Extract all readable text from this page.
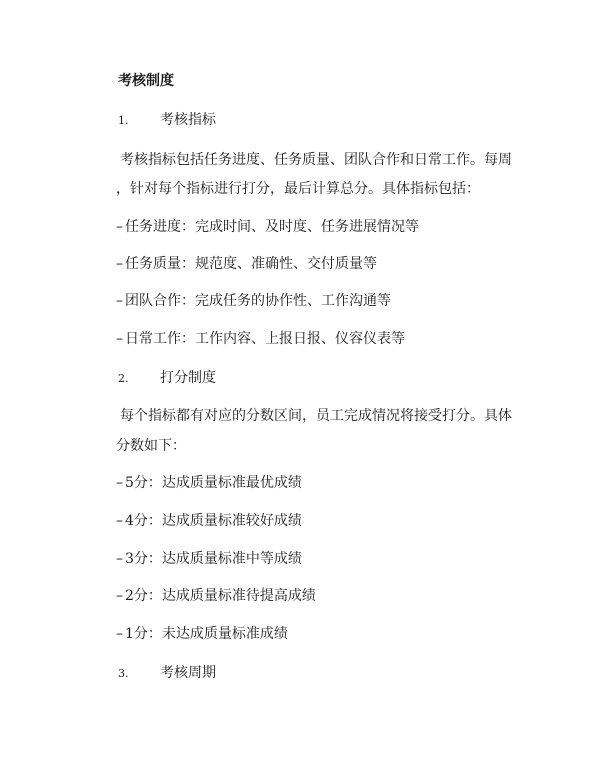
考核制度
1. 考核指标
考核指标包括任务进度、任务质量、团队合作和日常工作。每周
，针对每个指标进行打分，最后计算总分。具体指标包括：
– 任务进度：完成时间、及时度、任务进展情况等
– 任务质量：规范度、准确性、交付质量等
– 团队合作：完成任务的协作性、工作沟通等
– 日常工作：工作内容、上报日报、仪容仪表等
2. 打分制度
每个指标都有对应的分数区间，员工完成情况将接受打分。具体
分数如下：
– 5分：达成质量标准最优成绩
– 4分：达成质量标准较好成绩
– 3分：达成质量标准中等成绩
– 2分：达成质量标准待提高成绩
– 1分：未达成质量标准成绩
3. 考核周期
